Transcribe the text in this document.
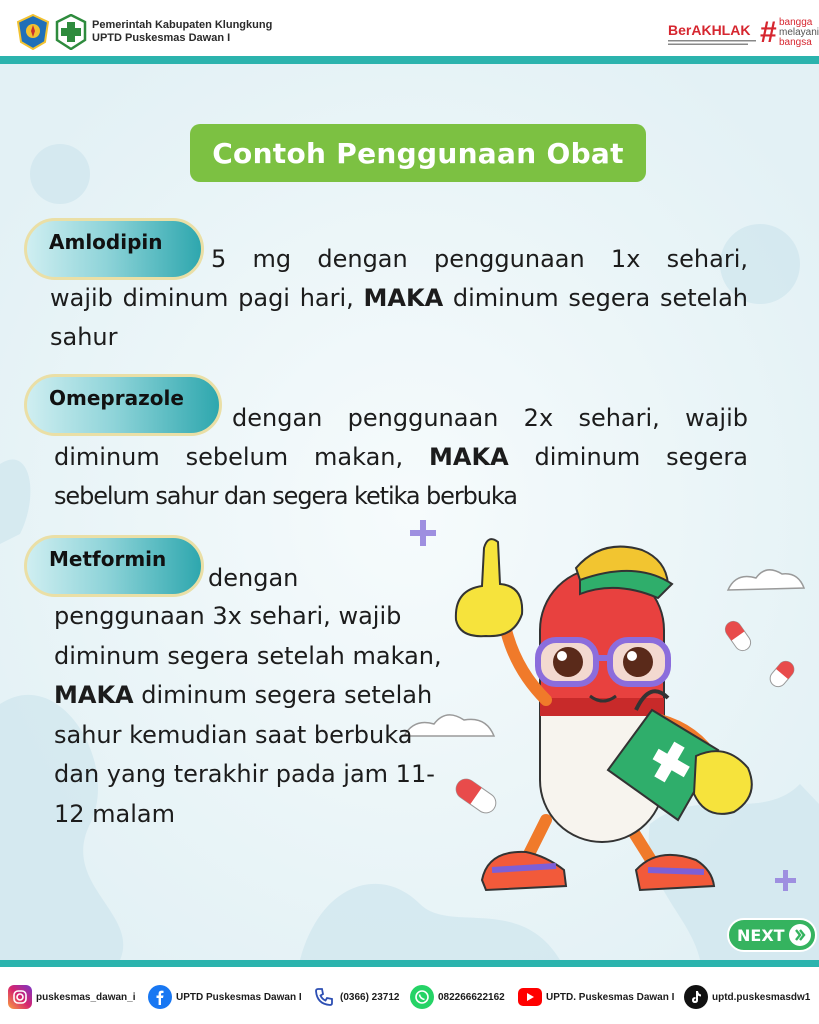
Pemerintah Kabupaten Klungkung
UPTD Puskesmas Dawan I	BerAKHLAK # bangga
melayani
bangsa
Contoh Penggunaan Obat
Amlodipin
5 mg dengan penggunaan 1x sehari,
wajib diminum pagi hari, MAKA diminum segera setelah sahur
Omeprazole
dengan penggunaan 2x sehari, wajib
diminum sebelum makan, MAKA diminum segera
sebelum sahur dan segera ketika berbuka
Metformin
dengan
penggunaan 3x sehari, wajib diminum segera setelah makan, MAKA diminum segera setelah sahur kemudian saat berbuka dan yang terakhir pada jam 11-12 malam
NEXT
puskesmas_dawan_i	UPTD Puskesmas Dawan I	(0366) 23712	082266622162	UPTD. Puskesmas Dawan I	uptd.puskesmasdw1
